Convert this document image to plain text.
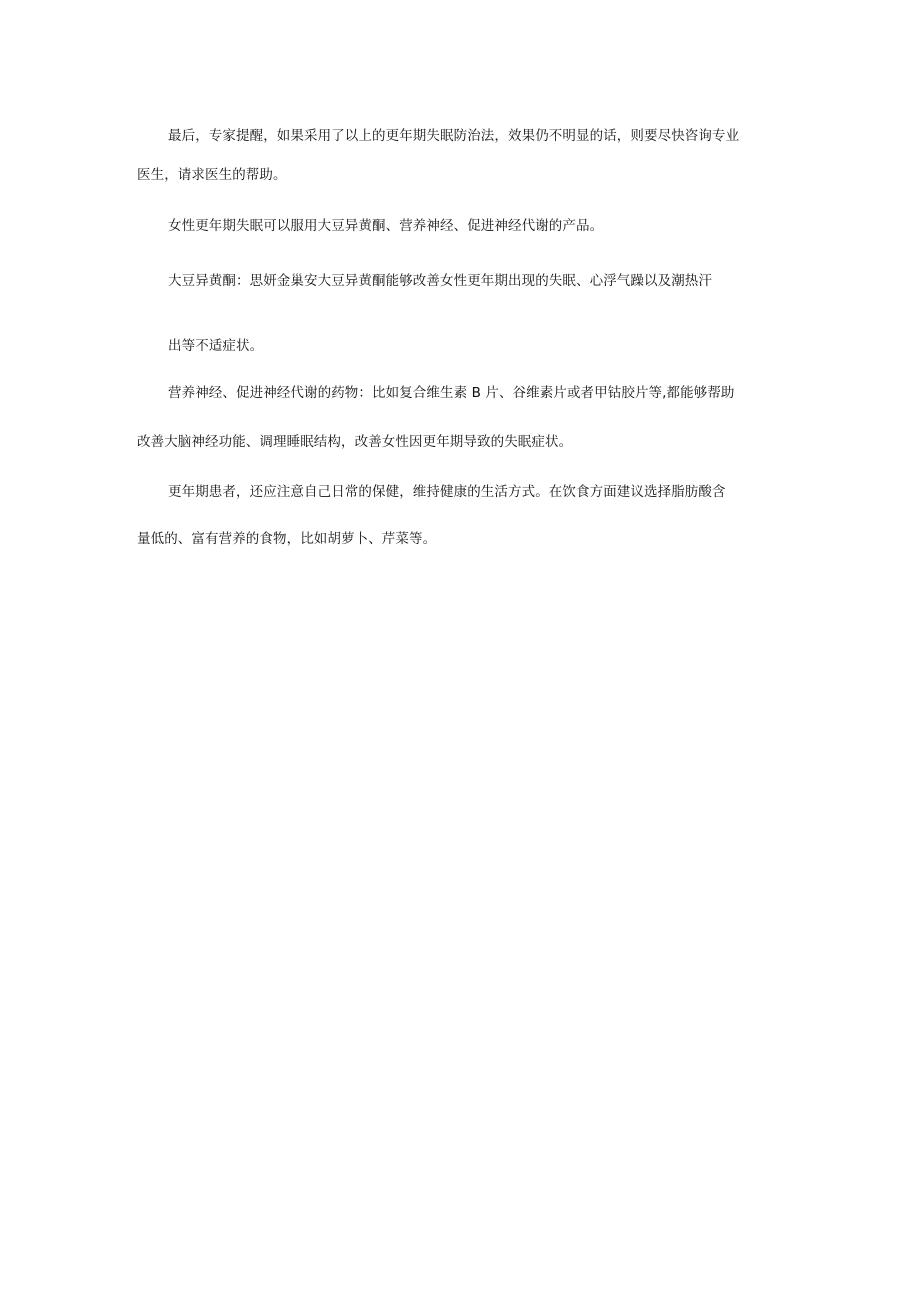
最后，专家提醒，如果采用了以上的更年期失眠防治法，效果仍不明显的话，则要尽快咨询专业
医生，请求医生的帮助。
女性更年期失眠可以服用大豆异黄酮、营养神经、促进神经代谢的产品。
大豆异黄酮：思妍金巢安大豆异黄酮能够改善女性更年期出现的失眠、心浮气躁以及潮热汗
出等不适症状。
营养神经、促进神经代谢的药物：比如复合维生素 B 片、谷维素片或者甲钴胶片等,都能够帮助
改善大脑神经功能、调理睡眠结构，改善女性因更年期导致的失眠症状。
更年期患者，还应注意自己日常的保健，维持健康的生活方式。在饮食方面建议选择脂肪酸含
量低的、富有营养的食物，比如胡萝卜、芹菜等。
